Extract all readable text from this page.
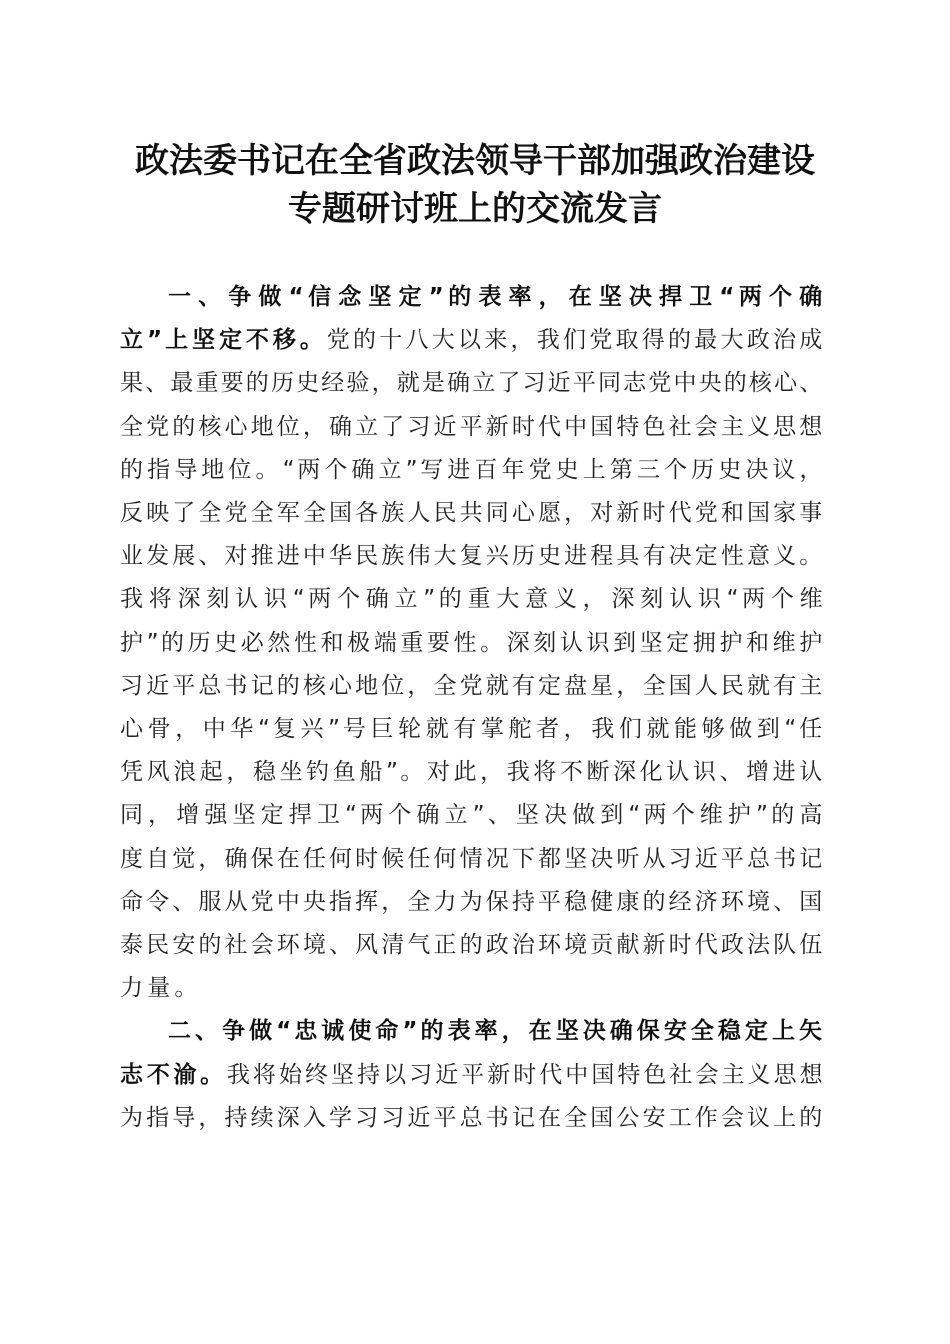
政法委书记在全省政法领导干部加强政治建设
专题研讨班上的交流发言
一 、 争 做 “ 信 念 坚 定 ” 的 表 率 ， 在 坚 决 捍 卫 “ 两 个 确
立 ” 上 坚 定 不 移 。 党 的 十 八 大 以 来 ， 我 们 党 取 得 的 最 大 政 治 成
果 、 最 重 要 的 历 史 经 验 ， 就 是 确 立 了 习 近 平 同 志 党 中 央 的 核 心 、
全 党 的 核 心 地 位 ， 确 立 了 习 近 平 新 时 代 中 国 特 色 社 会 主 义 思 想
的 指 导 地 位 。 “ 两 个 确 立 ” 写 进 百 年 党 史 上 第 三 个 历 史 决 议 ，
反 映 了 全 党 全 军 全 国 各 族 人 民 共 同 心 愿 ， 对 新 时 代 党 和 国 家 事
业 发 展 、 对 推 进 中 华 民 族 伟 大 复 兴 历 史 进 程 具 有 决 定 性 意 义 。
我 将 深 刻 认 识 “ 两 个 确 立 ” 的 重 大 意 义 ， 深 刻 认 识 “ 两 个 维
护 ” 的 历 史 必 然 性 和 极 端 重 要 性 。 深 刻 认 识 到 坚 定 拥 护 和 维 护
习 近 平 总 书 记 的 核 心 地 位 ， 全 党 就 有 定 盘 星 ， 全 国 人 民 就 有 主
心 骨 ， 中 华 “ 复 兴 ” 号 巨 轮 就 有 掌 舵 者 ， 我 们 就 能 够 做 到 “ 任
凭 风 浪 起 ， 稳 坐 钓 鱼 船 ” 。 对 此 ， 我 将 不 断 深 化 认 识 、 增 进 认
同 ， 增 强 坚 定 捍 卫 “ 两 个 确 立 ” 、 坚 决 做 到 “ 两 个 维 护 ” 的 高
度 自 觉 ， 确 保 在 任 何 时 候 任 何 情 况 下 都 坚 决 听 从 习 近 平 总 书 记
命 令 、 服 从 党 中 央 指 挥 ， 全 力 为 保 持 平 稳 健 康 的 经 济 环 境 、 国
泰 民 安 的 社 会 环 境 、 风 清 气 正 的 政 治 环 境 贡 献 新 时 代 政 法 队 伍
力量。
二 、 争 做 “ 忠 诚 使 命 ” 的 表 率 ， 在 坚 决 确 保 安 全 稳 定 上 矢
志 不 渝 。 我 将 始 终 坚 持 以 习 近 平 新 时 代 中 国 特 色 社 会 主 义 思 想
为 指 导 ， 持 续 深 入 学 习 习 近 平 总 书 记 在 全 国 公 安 工 作 会 议 上 的
